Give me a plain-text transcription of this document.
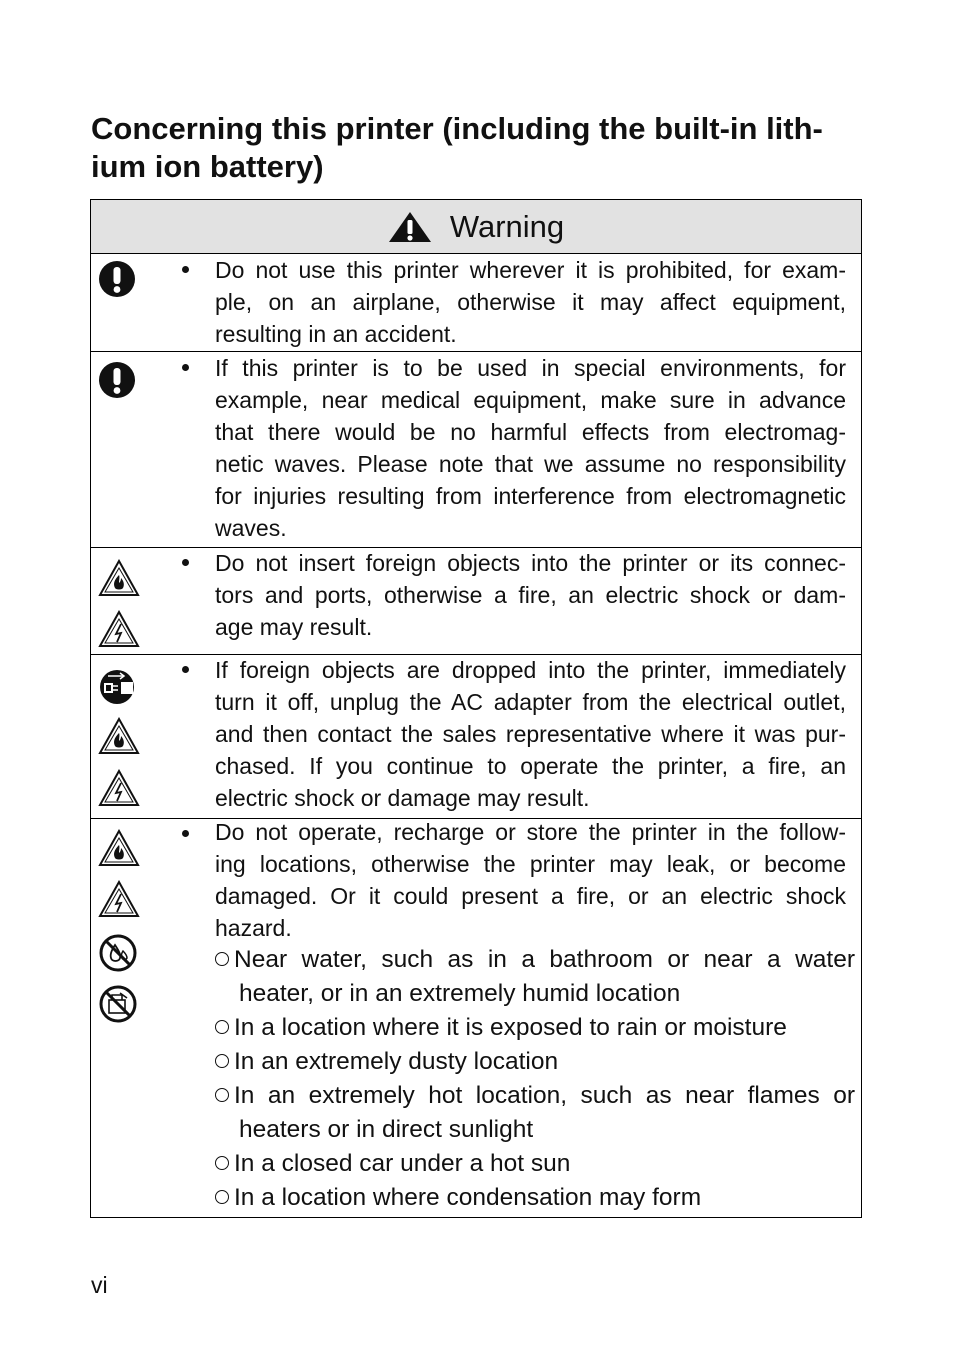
Concerning this printer (including the built-in lith-
ium ion battery)
Warning

Do not use this printer wherever it is prohibited, for exam-
ple, on an airplane, otherwise it may affect equipment,
resulting in an accident.

If this printer is to be used in special environments, for
example, near medical equipment, make sure in advance
that there would be no harmful effects from electromag-
netic waves. Please note that we assume no responsibility
for injuries resulting from interference from electromagnetic
waves.

Do not insert foreign objects into the printer or its connec-
tors and ports, otherwise a fire, an electric shock or dam-
age may result.

If foreign objects are dropped into the printer, immediately
turn it off, unplug the AC adapter from the electrical outlet,
and then contact the sales representative where it was pur-
chased. If you continue to operate the printer, a fire, an
electric shock or damage may result.

Do not operate, recharge or store the printer in the follow-
ing locations, otherwise the printer may leak, or become
damaged. Or it could present a fire, or an electric shock
hazard.

Near water, such as in a bathroom or near a water
heater, or in an extremely humid location
In a location where it is exposed to rain or moisture
In an extremely dusty location
In an extremely hot location, such as near flames or
heaters or in direct sunlight
In a closed car under a hot sun
In a location where condensation may form
vi
